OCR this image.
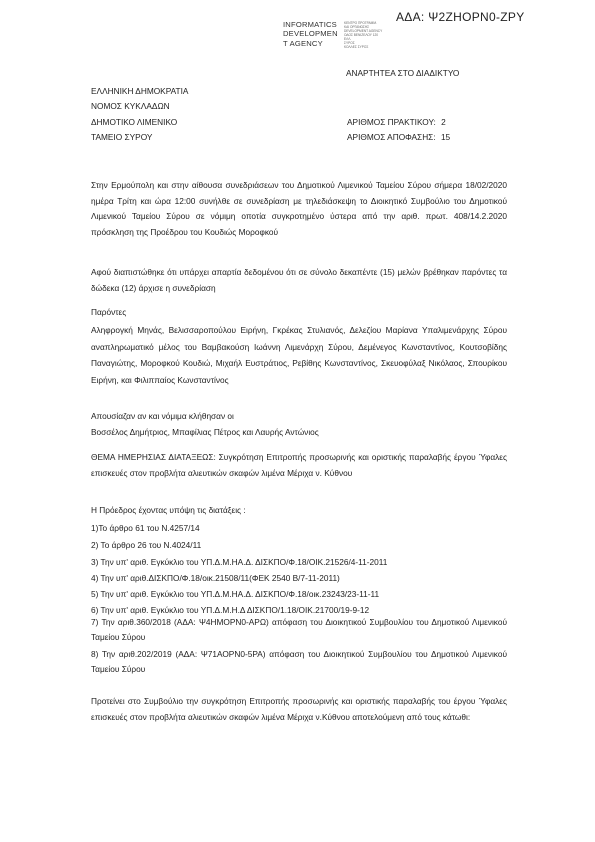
ΑΔΑ: Ψ2ΖΗΟΡΝ0-ΖΡΥ
INFORMATICS
DEVELOPMEN
T AGENCY
ΚΕΝΤΡΟ ΠΡΟΓΡΑΜΜ.
ΚΑΙ ΟΡΓΑΝΩΣΗΣ
DEVELOPMENT AGENCY
ΟΔΟΣ ΒΕΝΙΖΕΛΟΥ 120
ΕΛΛ.
ΣΥΡΟΣ
ΚΟΛΛΕΣ ΣΥΡΟΣ
ΑΝΑΡΤΗΤΕΑ ΣΤΟ ΔΙΑΔΙΚΤΥΟ
ΕΛΛΗΝΙΚΗ ΔΗΜΟΚΡΑΤΙΑ
ΝΟΜΟΣ ΚΥΚΛΑΔΩΝ
ΔΗΜΟΤΙΚΟ ΛΙΜΕΝΙΚΟ
ΤΑΜΕΙΟ ΣΥΡΟΥ
ΑΡΙΘΜΟΣ ΠΡΑΚΤΙΚΟΥ: 2
ΑΡΙΘΜΟΣ ΑΠΟΦΑΣΗΣ: 15
Στην Ερμούπολη και στην αίθουσα συνεδριάσεων του Δημοτικού Λιμενικού Ταμείου Σύρου σήμερα 18/02/2020 ημέρα Τρίτη και ώρα 12:00 συνήλθε σε συνεδρίαση με τηλεδιάσκεψη το Διοικητικό Συμβούλιο του Δημοτικού Λιμενικού Ταμείου Σύρου σε νόμιμη οποτία συγκροτημένο ύστερα από την αριθ. πρωτ. 408/14.2.2020 πρόσκληση της Προέδρου του Κουδιώς Μοροφκού
Αφού διαπιστώθηκε ότι υπάρχει απαρτία δεδομένου ότι σε σύνολο δεκαπέντε (15) μελών βρέθηκαν παρόντες τα δώδεκα (12) άρχισε η συνεδρίαση
Παρόντες
Αληφρογκή Μηνάς, Βελισσαροπούλου Ειρήνη, Γκρέκας Στυλιανός, Δελεζίου Μαρίανα Υπαλιμενάρχης Σύρου αναπληρωματικό μέλος του Βαμβακούση Ιωάννη Λιμενάρχη Σύρου, Δεμένεγος Κωνσταντίνος, Κουτσοβίδης Παναγιώτης, Μοροφκού Κουδιώ, Μιχαήλ Ευστράτιος, Ρεβίθης Κωνσταντίνος, Σκευοφύλαξ Νικόλαος, Σπουρίκου Ειρήνη, και Φιλιππαίος Κωνσταντίνος
Απουσίαζαν αν και νόμιμα κλήθησαν οι
Βοσσέλος Δημήτριος, Μπαφίλιας Πέτρος και Λαυρής Αντώνιος
ΘΕΜΑ ΗΜΕΡΗΣΙΑΣ ΔΙΑΤΑΞΕΩΣ: Συγκρότηση Επιτροπής προσωρινής και οριστικής παραλαβής έργου Ύφαλες επισκευές στον προβλήτα αλιευτικών σκαφών λιμένα Μέριχα ν. Κύθνου
Η Πρόεδρος έχοντας υπόψη τις διατάξεις :
1)Το άρθρο 61 του Ν.4257/14
2) Το άρθρο 26 του Ν.4024/11
3) Την υπ' αριθ. Εγκύκλιο του ΥΠ.Δ.Μ.ΗΑ.Δ. ΔΙΣΚΠΟ/Φ.18/ΟΙΚ.21526/4-11-2011
4) Την υπ' αριθ.ΔΙΣΚΠΟ/Φ.18/οικ.21508/11(ΦΕΚ 2540 Β/7-11-2011)
5) Την υπ' αριθ. Εγκύκλιο του ΥΠ.Δ.Μ.ΗΑ.Δ. ΔΙΣΚΠΟ/Φ.18/οικ.23243/23-11-11
6) Την υπ' αριθ. Εγκύκλιο του ΥΠ.Δ.Μ.Η.Δ ΔΙΣΚΠΟ/1.18/ΟΙΚ.21700/19-9-12
7) Την αριθ.360/2018 (ΑΔΑ: Ψ4ΗΜΟΡΝ0-ΑΡΩ) απόφαση του Διοικητικού Συμβουλίου του Δημοτικού Λιμενικού Ταμείου Σύρου
8) Την αριθ.202/2019 (ΑΔΑ: Ψ71ΑΟΡΝ0-5ΡΑ) απόφαση του Διοικητικού Συμβουλίου του Δημοτικού Λιμενικού Ταμείου Σύρου
Προτείνει στο Συμβούλιο την συγκρότηση Επιτροπής προσωρινής και οριστικής παραλαβής του έργου Ύφαλες επισκευές στον προβλήτα αλιευτικών σκαφών λιμένα Μέριχα ν.Κύθνου αποτελούμενη από τους κάτωθι:
